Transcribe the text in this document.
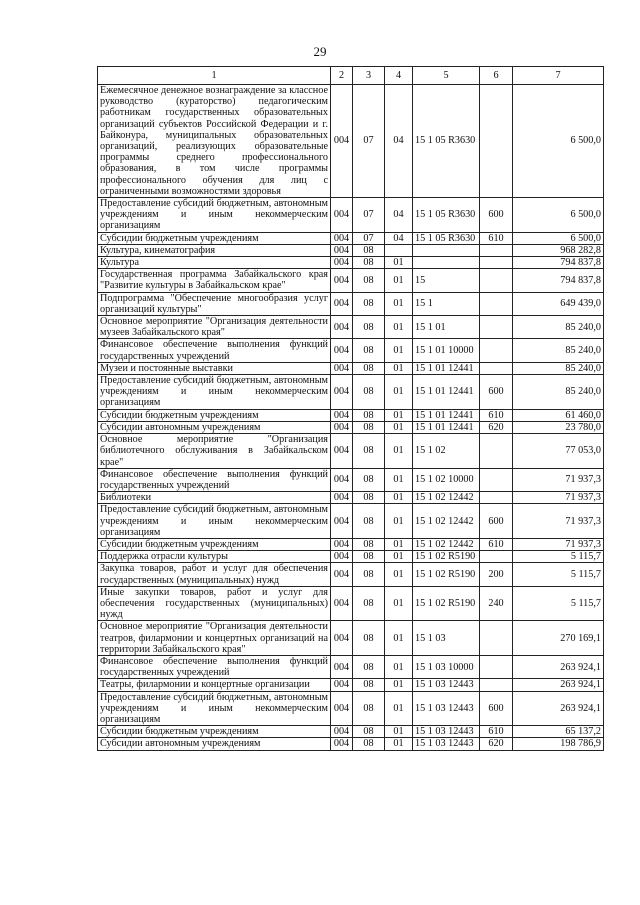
29
1	2	3	4	5	6	7
Ежемесячное денежное вознаграждение за классное руководство (кураторство) педагогическим работникам государственных образовательных организаций субъектов Российской Федерации и г. Байконура, муниципальных образовательных организаций, реализующих образовательные программы среднего профессионального образования, в том числе программы профессионального обучения для лиц с ограниченными возможностями здоровья	004	07	04	15 1 05 R3630		6 500,0
Предоставление субсидий бюджетным, автономным учреждениям и иным некоммерческим организациям	004	07	04	15 1 05 R3630	600	6 500,0
Субсидии бюджетным учреждениям	004	07	04	15 1 05 R3630	610	6 500,0
Культура, кинематография	004	08				968 282,8
Культура	004	08	01			794 837,8
Государственная программа Забайкальского края "Развитие культуры в Забайкальском крае"	004	08	01	15		794 837,8
Подпрограмма "Обеспечение многообразия услуг организаций культуры"	004	08	01	15 1		649 439,0
Основное мероприятие "Организация деятельности музеев Забайкальского края"	004	08	01	15 1 01		85 240,0
Финансовое обеспечение выполнения функций государственных учреждений	004	08	01	15 1 01 10000		85 240,0
Музеи и постоянные выставки	004	08	01	15 1 01 12441		85 240,0
Предоставление субсидий бюджетным, автономным учреждениям и иным некоммерческим организациям	004	08	01	15 1 01 12441	600	85 240,0
Субсидии бюджетным учреждениям	004	08	01	15 1 01 12441	610	61 460,0
Субсидии автономным учреждениям	004	08	01	15 1 01 12441	620	23 780,0
Основное мероприятие "Организация библиотечного обслуживания в Забайкальском крае"	004	08	01	15 1 02		77 053,0
Финансовое обеспечение выполнения функций государственных учреждений	004	08	01	15 1 02 10000		71 937,3
Библиотеки	004	08	01	15 1 02 12442		71 937,3
Предоставление субсидий бюджетным, автономным учреждениям и иным некоммерческим организациям	004	08	01	15 1 02 12442	600	71 937,3
Субсидии бюджетным учреждениям	004	08	01	15 1 02 12442	610	71 937,3
Поддержка отрасли культуры	004	08	01	15 1 02 R5190		5 115,7
Закупка товаров, работ и услуг для обеспечения государственных (муниципальных) нужд	004	08	01	15 1 02 R5190	200	5 115,7
Иные закупки товаров, работ и услуг для обеспечения государственных (муниципальных) нужд	004	08	01	15 1 02 R5190	240	5 115,7
Основное мероприятие "Организация деятельности театров, филармонии и концертных организаций на территории Забайкальского края"	004	08	01	15 1 03		270 169,1
Финансовое обеспечение выполнения функций государственных учреждений	004	08	01	15 1 03 10000		263 924,1
Театры, филармонии и концертные организации	004	08	01	15 1 03 12443		263 924,1
Предоставление субсидий бюджетным, автономным учреждениям и иным некоммерческим организациям	004	08	01	15 1 03 12443	600	263 924,1
Субсидии бюджетным учреждениям	004	08	01	15 1 03 12443	610	65 137,2
Субсидии автономным учреждениям	004	08	01	15 1 03 12443	620	198 786,9
